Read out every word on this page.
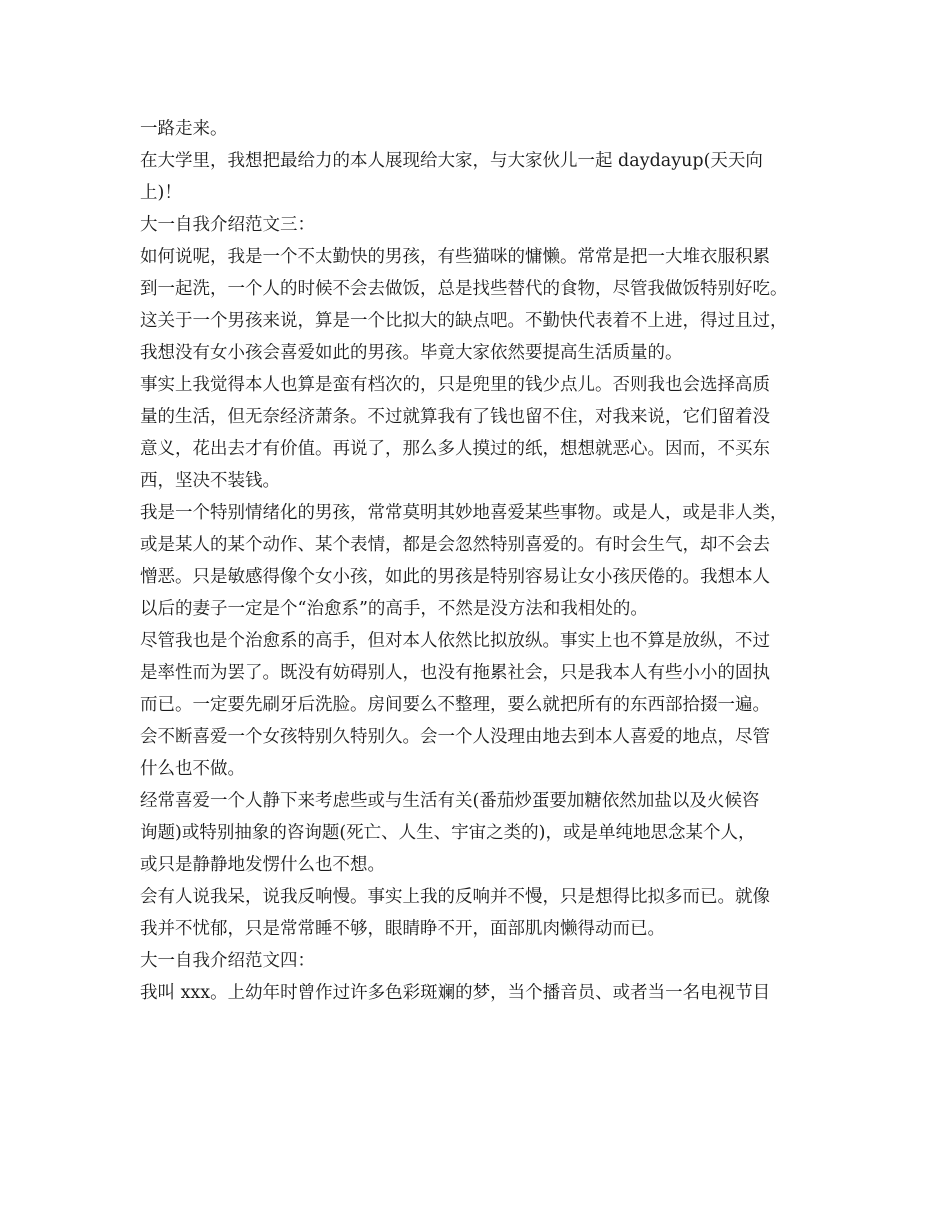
一路走来。
在大学里，我想把最给力的本人展现给大家，与大家伙儿一起 daydayup(天天向
上)！
大一自我介绍范文三：
如何说呢，我是一个不太勤快的男孩，有些猫咪的慵懒。常常是把一大堆衣服积累
到一起洗，一个人的时候不会去做饭，总是找些替代的食物，尽管我做饭特别好吃。
这关于一个男孩来说，算是一个比拟大的缺点吧。不勤快代表着不上进，得过且过，
我想没有女小孩会喜爱如此的男孩。毕竟大家依然要提高生活质量的。
事实上我觉得本人也算是蛮有档次的，只是兜里的钱少点儿。否则我也会选择高质
量的生活，但无奈经济萧条。不过就算我有了钱也留不住，对我来说，它们留着没
意义，花出去才有价值。再说了，那么多人摸过的纸，想想就恶心。因而，不买东
西，坚决不装钱。
我是一个特别情绪化的男孩，常常莫明其妙地喜爱某些事物。或是人，或是非人类，
或是某人的某个动作、某个表情，都是会忽然特别喜爱的。有时会生气，却不会去
憎恶。只是敏感得像个女小孩，如此的男孩是特别容易让女小孩厌倦的。我想本人
以后的妻子一定是个“治愈系”的高手，不然是没方法和我相处的。
尽管我也是个治愈系的高手，但对本人依然比拟放纵。事实上也不算是放纵，不过
是率性而为罢了。既没有妨碍别人，也没有拖累社会，只是我本人有些小小的固执
而已。一定要先刷牙后洗脸。房间要么不整理，要么就把所有的东西部拾掇一遍。
会不断喜爱一个女孩特别久特别久。会一个人没理由地去到本人喜爱的地点，尽管
什么也不做。
经常喜爱一个人静下来考虑些或与生活有关(番茄炒蛋要加糖依然加盐以及火候咨
询题)或特别抽象的咨询题(死亡、人生、宇宙之类的)，或是单纯地思念某个人，
或只是静静地发愣什么也不想。
会有人说我呆，说我反响慢。事实上我的反响并不慢，只是想得比拟多而已。就像
我并不忧郁，只是常常睡不够，眼睛睁不开，面部肌肉懒得动而已。
大一自我介绍范文四：
我叫 xxx。上幼年时曾作过许多色彩斑斓的梦，当个播音员、或者当一名电视节目
